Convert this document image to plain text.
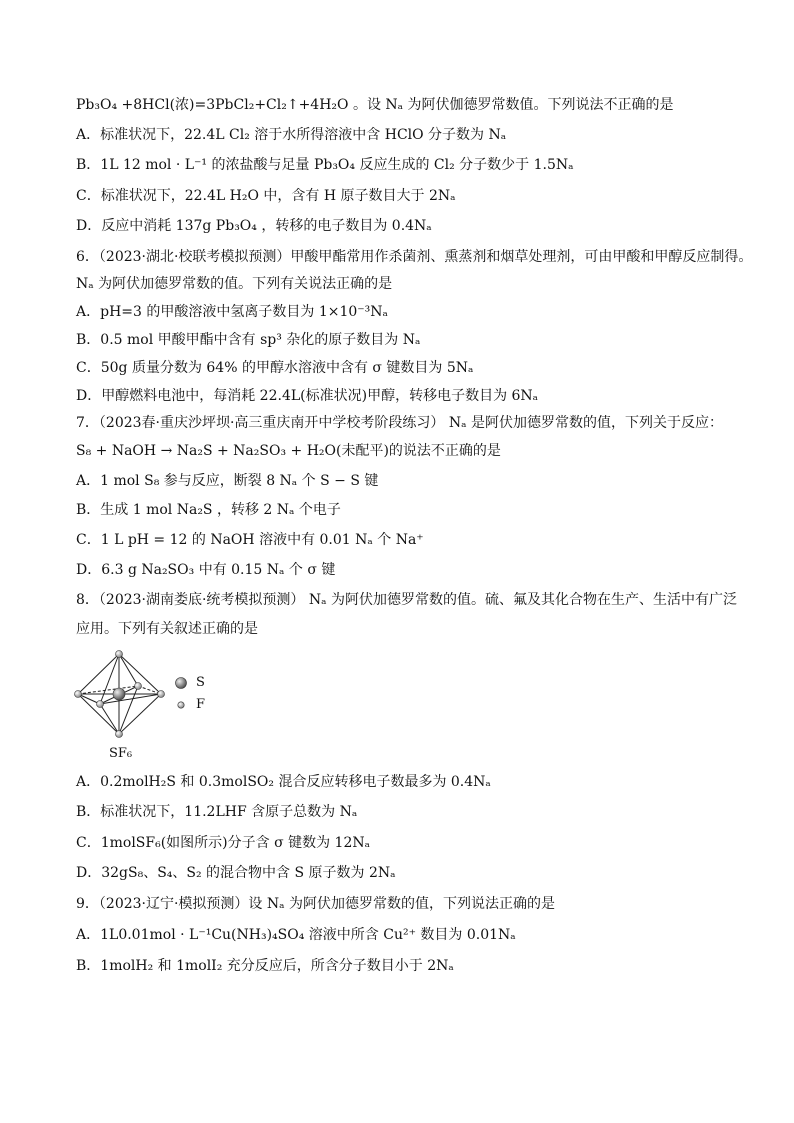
Pb₃O₄ +8HCl(浓)=3PbCl₂+Cl₂↑+4H₂O 。设 Nₐ 为阿伏伽德罗常数值。下列说法不正确的是
A．标准状况下，22.4L Cl₂ 溶于水所得溶液中含 HClO 分子数为 Nₐ
B．1L 12 mol · L⁻¹ 的浓盐酸与足量 Pb₃O₄ 反应生成的 Cl₂ 分子数少于 1.5Nₐ
C．标准状况下，22.4L H₂O 中，含有 H 原子数目大于 2Nₐ
D．反应中消耗 137g Pb₃O₄ ，转移的电子数目为 0.4Nₐ
6．（2023·湖北·校联考模拟预测）甲酸甲酯常用作杀菌剂、熏蒸剂和烟草处理剂，可由甲酸和甲醇反应制得。
Nₐ 为阿伏加德罗常数的值。下列有关说法正确的是
A．pH=3 的甲酸溶液中氢离子数目为 1×10⁻³Nₐ
B．0.5 mol 甲酸甲酯中含有 sp³ 杂化的原子数目为 Nₐ
C．50g 质量分数为 64% 的甲醇水溶液中含有 σ 键数目为 5Nₐ
D．甲醇燃料电池中，每消耗 22.4L(标准状况)甲醇，转移电子数目为 6Nₐ
7．（2023春·重庆沙坪坝·高三重庆南开中学校考阶段练习） Nₐ 是阿伏加德罗常数的值，下列关于反应：
S₈ + NaOH → Na₂S + Na₂SO₃ + H₂O(未配平)的说法不正确的是
A．1 mol S₈ 参与反应，断裂 8 Nₐ 个 S − S 键
B．生成 1 mol Na₂S ，转移 2 Nₐ 个电子
C．1 L pH = 12 的 NaOH 溶液中有 0.01 Nₐ 个 Na⁺
D．6.3 g Na₂SO₃ 中有 0.15 Nₐ 个 σ 键
8．（2023·湖南娄底·统考模拟预测） Nₐ 为阿伏加德罗常数的值。硫、氟及其化合物在生产、生活中有广泛
应用。下列有关叙述正确的是
S
F
SF₆
A．0.2molH₂S 和 0.3molSO₂ 混合反应转移电子数最多为 0.4Nₐ
B．标准状况下，11.2LHF 含原子总数为 Nₐ
C．1molSF₆(如图所示)分子含 σ 键数为 12Nₐ
D．32gS₈、S₄、S₂ 的混合物中含 S 原子数为 2Nₐ
9．（2023·辽宁·模拟预测）设 Nₐ 为阿伏加德罗常数的值，下列说法正确的是
A．1L0.01mol · L⁻¹Cu(NH₃)₄SO₄ 溶液中所含 Cu²⁺ 数目为 0.01Nₐ
B．1molH₂ 和 1molI₂ 充分反应后，所含分子数目小于 2Nₐ
